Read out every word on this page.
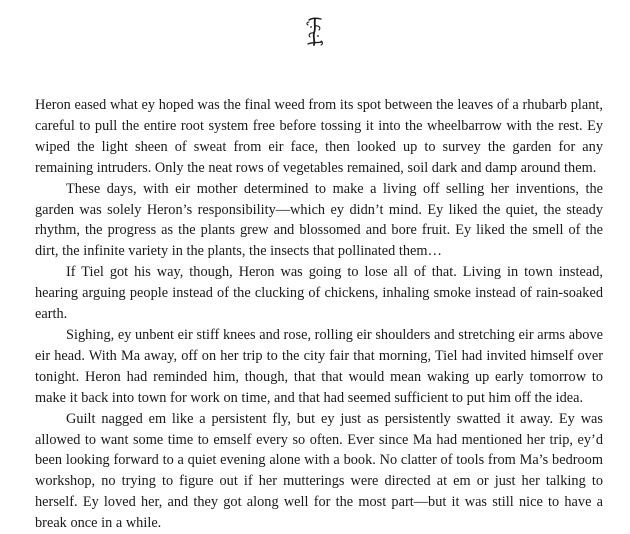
Heron eased what ey hoped was the final weed from its spot between the leaves of a rhubarb plant, careful to pull the entire root system free before tossing it into the wheelbarrow with the rest. Ey wiped the light sheen of sweat from eir face, then looked up to survey the garden for any remaining intruders. Only the neat rows of vegetables remained, soil dark and damp around them.

These days, with eir mother determined to make a living off selling her inventions, the garden was solely Heron’s responsibility—which ey didn’t mind. Ey liked the quiet, the steady rhythm, the progress as the plants grew and blossomed and bore fruit. Ey liked the smell of the dirt, the infinite variety in the plants, the insects that pollinated them…

If Tiel got his way, though, Heron was going to lose all of that. Living in town instead, hearing arguing people instead of the clucking of chickens, inhaling smoke instead of rain-soaked earth.

Sighing, ey unbent eir stiff knees and rose, rolling eir shoulders and stretching eir arms above eir head. With Ma away, off on her trip to the city fair that morning, Tiel had invited himself over tonight. Heron had reminded him, though, that that would mean waking up early tomorrow to make it back into town for work on time, and that had seemed sufficient to put him off the idea.

Guilt nagged em like a persistent fly, but ey just as persistently swatted it away. Ey was allowed to want some time to emself every so often. Ever since Ma had mentioned her trip, ey’d been looking forward to a quiet evening alone with a book. No clatter of tools from Ma’s bedroom workshop, no trying to figure out if her mutterings were directed at em or just her talking to herself. Ey loved her, and they got along well for the most part—but it was still nice to have a break once in a while.
